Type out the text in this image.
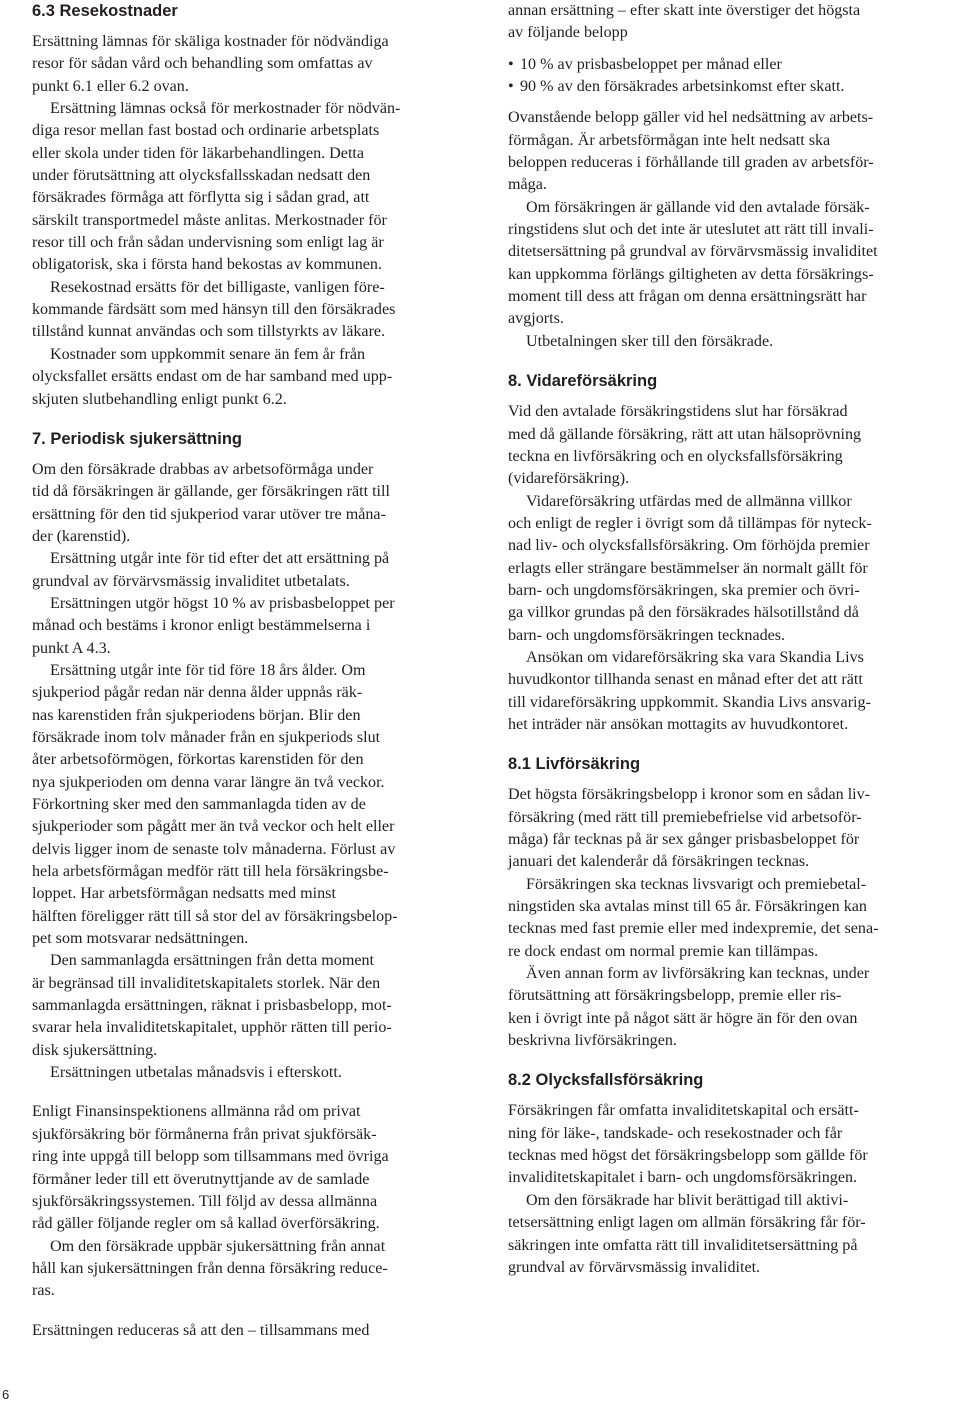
6.3 Resekostnader
Ersättning lämnas för skäliga kostnader för nödvändiga
resor för sådan vård och behandling som omfattas av
punkt 6.1 eller 6.2 ovan.
Ersättning lämnas också för merkostnader för nödvän-
diga resor mellan fast bostad och ordinarie arbetsplats
eller skola under tiden för läkarbehandlingen. Detta
under förutsättning att olycksfallsskadan nedsatt den
försäkrades förmåga att förflytta sig i sådan grad, att
särskilt transportmedel måste anlitas. Merkostnader för
resor till och från sådan undervisning som enligt lag är
obligatorisk, ska i första hand bekostas av kommunen.
Resekostnad ersätts för det billigaste, vanligen före-
kommande färdsätt som med hänsyn till den försäkrades
tillstånd kunnat användas och som tillstyrkts av läkare.
Kostnader som uppkommit senare än fem år från
olycksfallet ersätts endast om de har samband med upp-
skjuten slutbehandling enligt punkt 6.2.
7. Periodisk sjukersättning
Om den försäkrade drabbas av arbetsoförmåga under
tid då försäkringen är gällande, ger försäkringen rätt till
ersättning för den tid sjukperiod varar utöver tre måna-
der (karenstid).
Ersättning utgår inte för tid efter det att ersättning på
grundval av förvärvsmässig invaliditet utbetalats.
Ersättningen utgör högst 10 % av prisbasbeloppet per
månad och bestäms i kronor enligt bestämmelserna i
punkt A 4.3.
Ersättning utgår inte för tid före 18 års ålder. Om
sjukperiod pågår redan när denna ålder uppnås räk-
nas karenstiden från sjukperiodens början. Blir den
försäkrade inom tolv månader från en sjukperiods slut
åter arbetsoförmögen, förkortas karenstiden för den
nya sjukperioden om denna varar längre än två veckor.
Förkortning sker med den sammanlagda tiden av de
sjukperioder som pågått mer än två veckor och helt eller
delvis ligger inom de senaste tolv månaderna. Förlust av
hela arbetsförmågan medför rätt till hela försäkringsbe-
loppet. Har arbetsförmågan nedsatts med minst
hälften föreligger rätt till så stor del av försäkringsbelop-
pet som motsvarar nedsättningen.
Den sammanlagda ersättningen från detta moment
är begränsad till invaliditetskapitalets storlek. När den
sammanlagda ersättningen, räknat i prisbasbelopp, mot-
svarar hela invaliditetskapitalet, upphör rätten till perio-
disk sjukersättning.
Ersättningen utbetalas månadsvis i efterskott.
Enligt Finansinspektionens allmänna råd om privat
sjukförsäkring bör förmånerna från privat sjukförsäk-
ring inte uppgå till belopp som tillsammans med övriga
förmåner leder till ett överutnyttjande av de samlade
sjukförsäkringssystemen. Till följd av dessa allmänna
råd gäller följande regler om så kallad överförsäkring.
Om den försäkrade uppbär sjukersättning från annat
håll kan sjukersättningen från denna försäkring reduce-
ras.
Ersättningen reduceras så att den – tillsammans med
annan ersättning – efter skatt inte överstiger det högsta
av följande belopp
• 10 % av prisbasbeloppet per månad eller
• 90 % av den försäkrades arbetsinkomst efter skatt.
Ovanstående belopp gäller vid hel nedsättning av arbets-
förmågan. Är arbetsförmågan inte helt nedsatt ska
beloppen reduceras i förhållande till graden av arbetsför-
måga.
Om försäkringen är gällande vid den avtalade försäk-
ringstidens slut och det inte är uteslutet att rätt till invali-
ditetsersättning på grundval av förvärvsmässig invaliditet
kan uppkomma förlängs giltigheten av detta försäkrings-
moment till dess att frågan om denna ersättningsrätt har
avgjorts.
Utbetalningen sker till den försäkrade.
8. Vidareförsäkring
Vid den avtalade försäkringstidens slut har försäkrad
med då gällande försäkring, rätt att utan hälsoprövning
teckna en livförsäkring och en olycksfallsförsäkring
(vidareförsäkring).
Vidareförsäkring utfärdas med de allmänna villkor
och enligt de regler i övrigt som då tillämpas för nyteck-
nad liv- och olycksfallsförsäkring. Om förhöjda premier
erlagts eller strängare bestämmelser än normalt gällt för
barn- och ungdomsförsäkringen, ska premier och övri-
ga villkor grundas på den försäkrades hälsotillstånd då
barn- och ungdomsförsäkringen tecknades.
Ansökan om vidareförsäkring ska vara Skandia Livs
huvudkontor tillhanda senast en månad efter det att rätt
till vidareförsäkring uppkommit. Skandia Livs ansvarig-
het inträder när ansökan mottagits av huvudkontoret.
8.1 Livförsäkring
Det högsta försäkringsbelopp i kronor som en sådan liv-
försäkring (med rätt till premiebefrielse vid arbetsoför-
måga) får tecknas på är sex gånger prisbasbeloppet för
januari det kalenderår då försäkringen tecknas.
Försäkringen ska tecknas livsvarigt och premiebetal-
ningstiden ska avtalas minst till 65 år. Försäkringen kan
tecknas med fast premie eller med indexpremie, det sena-
re dock endast om normal premie kan tillämpas.
Även annan form av livförsäkring kan tecknas, under
förutsättning att försäkringsbelopp, premie eller ris-
ken i övrigt inte på något sätt är högre än för den ovan
beskrivna livförsäkringen.
8.2 Olycksfallsförsäkring
Försäkringen får omfatta invaliditetskapital och ersätt-
ning för läke-, tandskade- och resekostnader och får
tecknas med högst det försäkringsbelopp som gällde för
invaliditetskapitalet i barn- och ungdomsförsäkringen.
Om den försäkrade har blivit berättigad till aktivi-
tetsersättning enligt lagen om allmän försäkring får för-
säkringen inte omfatta rätt till invaliditetsersättning på
grundval av förvärvsmässig invaliditet.
6
